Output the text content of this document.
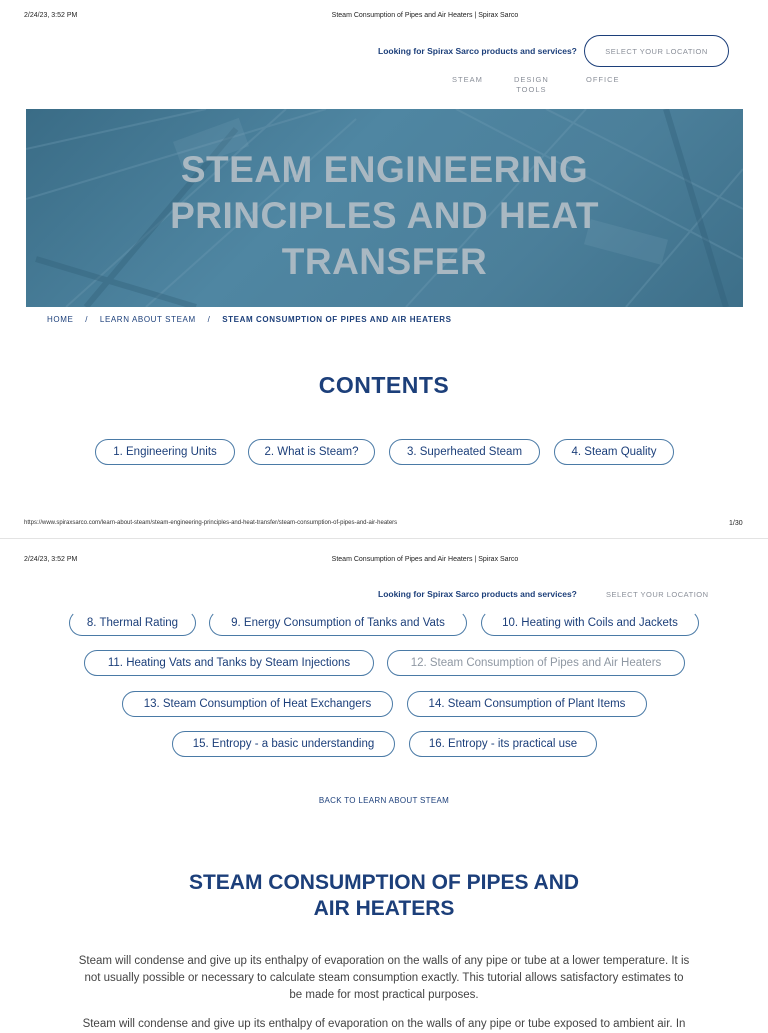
2/24/23, 3:52 PM	Steam Consumption of Pipes and Air Heaters | Spirax Sarco
Looking for Spirax Sarco products and services?	SELECT YOUR LOCATION
STEAM	DESIGN
TOOLS
OFFICE
STEAM ENGINEERING
PRINCIPLES AND HEAT
TRANSFER
HOME / LEARN ABOUT STEAM / STEAM CONSUMPTION OF PIPES AND AIR HEATERS
CONTENTS
1. Engineering Units	2. What is Steam?	3. Superheated Steam	4. Steam Quality
https://www.spiraxsarco.com/learn-about-steam/steam-engineering-principles-and-heat-transfer/steam-consumption-of-pipes-and-air-heaters	1/30
2/24/23, 3:52 PM	Steam Consumption of Pipes and Air Heaters | Spirax Sarco
Looking for Spirax Sarco products and services?	SELECT YOUR LOCATION
8. Thermal Rating	9. Energy Consumption of Tanks and Vats	10. Heating with Coils and Jackets
11. Heating Vats and Tanks by Steam Injections	12. Steam Consumption of Pipes and Air Heaters
13. Steam Consumption of Heat Exchangers	14. Steam Consumption of Plant Items
15. Entropy - a basic understanding	16. Entropy - its practical use
BACK TO LEARN ABOUT STEAM
STEAM CONSUMPTION OF PIPES AND
AIR HEATERS
Steam will condense and give up its enthalpy of evaporation on the walls of any pipe or tube at a lower temperature. It is
not usually possible or necessary to calculate steam consumption exactly. This tutorial allows satisfactory estimates to
be made for most practical purposes.
Steam will condense and give up its enthalpy of evaporation on the walls of any pipe or tube exposed to ambient air. In
